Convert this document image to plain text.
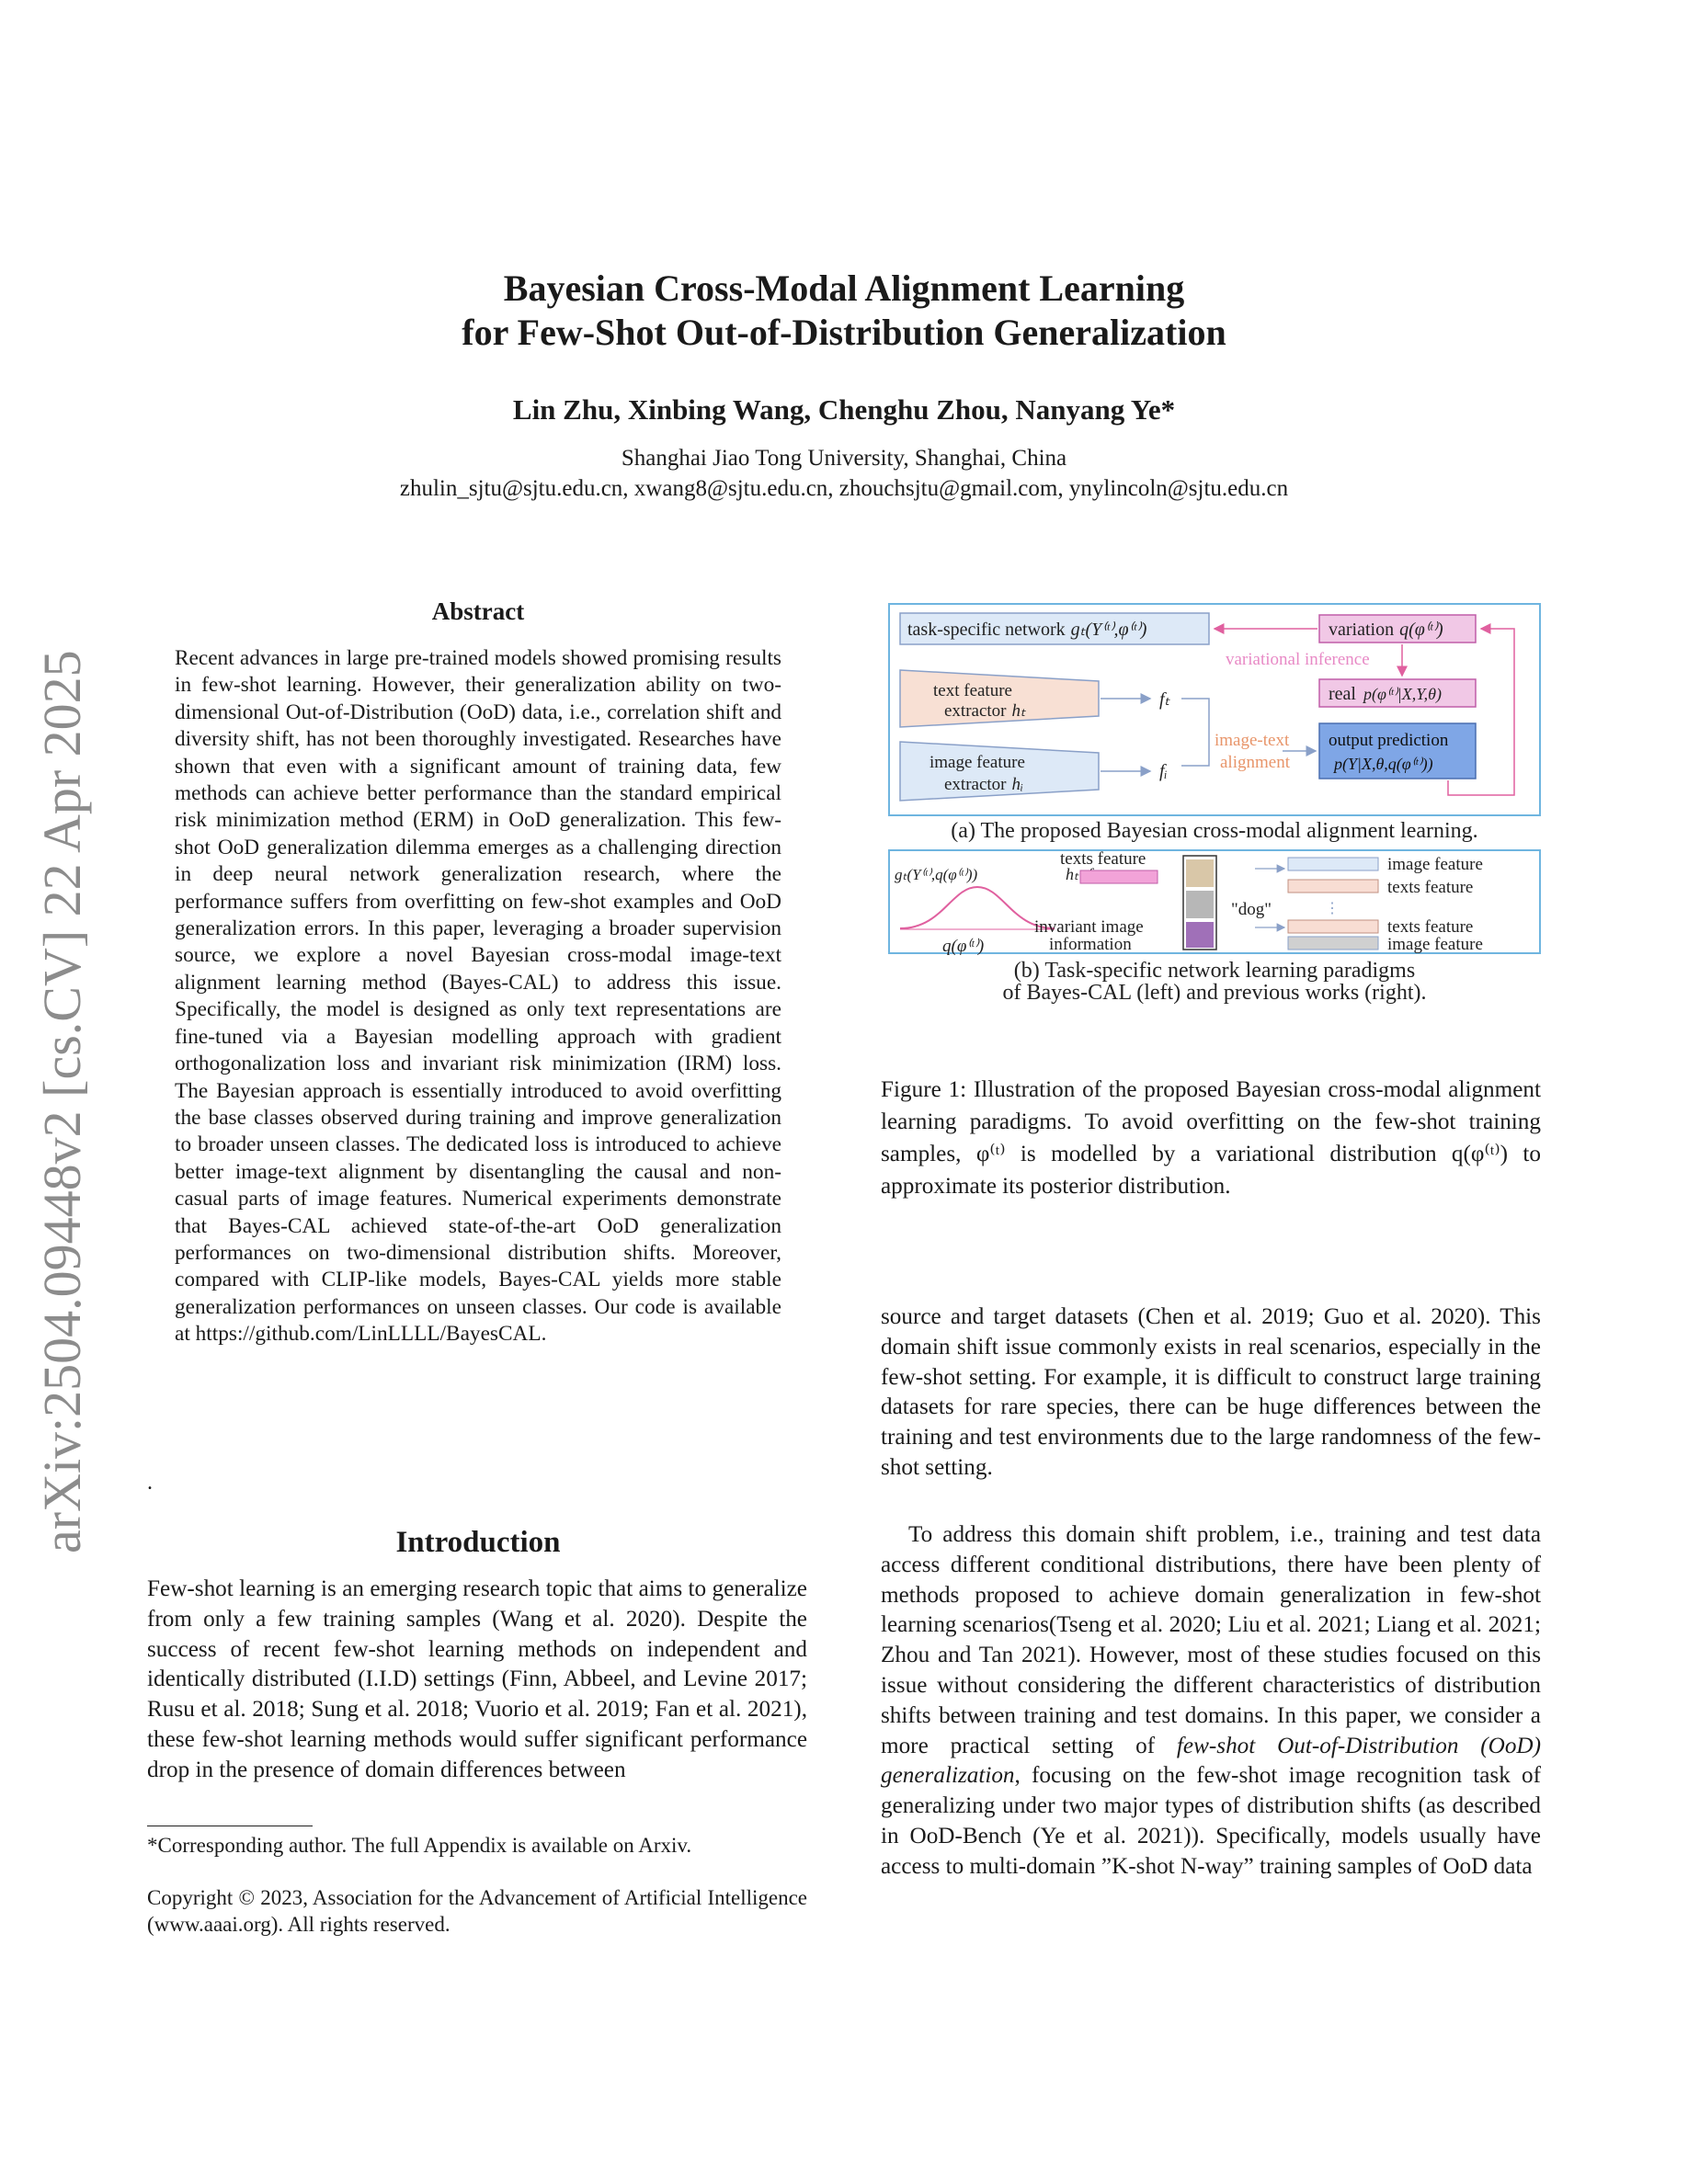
arXiv:2504.09448v2 [cs.CV] 22 Apr 2025
Bayesian Cross-Modal Alignment Learning
for Few-Shot Out-of-Distribution Generalization
Lin Zhu, Xinbing Wang, Chenghu Zhou, Nanyang Ye*
Shanghai Jiao Tong University, Shanghai, China
zhulin_sjtu@sjtu.edu.cn, xwang8@sjtu.edu.cn, zhouchsjtu@gmail.com, ynylincoln@sjtu.edu.cn
Abstract
Recent advances in large pre-trained models showed promising results in few-shot learning. However, their generalization ability on two-dimensional Out-of-Distribution (OoD) data, i.e., correlation shift and diversity shift, has not been thoroughly investigated. Researches have shown that even with a significant amount of training data, few methods can achieve better performance than the standard empirical risk minimization method (ERM) in OoD generalization. This few-shot OoD generalization dilemma emerges as a challenging direction in deep neural network generalization research, where the performance suffers from overfitting on few-shot examples and OoD generalization errors. In this paper, leveraging a broader supervision source, we explore a novel Bayesian cross-modal image-text alignment learning method (Bayes-CAL) to address this issue. Specifically, the model is designed as only text representations are fine-tuned via a Bayesian modelling approach with gradient orthogonalization loss and invariant risk minimization (IRM) loss. The Bayesian approach is essentially introduced to avoid overfitting the base classes observed during training and improve generalization to broader unseen classes. The dedicated loss is introduced to achieve better image-text alignment by disentangling the causal and non-casual parts of image features. Numerical experiments demonstrate that Bayes-CAL achieved state-of-the-art OoD generalization performances on two-dimensional distribution shifts. Moreover, compared with CLIP-like models, Bayes-CAL yields more stable generalization performances on unseen classes. Our code is available at https://github.com/LinLLLL/BayesCAL.
.
Introduction
Few-shot learning is an emerging research topic that aims to generalize from only a few training samples (Wang et al. 2020). Despite the success of recent few-shot learning methods on independent and identically distributed (I.I.D) settings (Finn, Abbeel, and Levine 2017; Rusu et al. 2018; Sung et al. 2018; Vuorio et al. 2019; Fan et al. 2021), these few-shot learning methods would suffer significant performance drop in the presence of domain differences between
*Corresponding author. The full Appendix is available on Arxiv.
Copyright © 2023, Association for the Advancement of Artificial Intelligence (www.aaai.org). All rights reserved.
task-specific network gₜ(Y⁽ᵗ⁾,φ⁽ᵗ⁾)	variation q(φ⁽ᵗ⁾)
variational inference
text feature
extractor hₜ
fₜ	real p(φ⁽ᵗ⁾|X,Y,θ)
image-text
alignment
output prediction
p(Y|X,θ,q(φ⁽ᵗ⁾))
image feature
extractor hᵢ
fᵢ
(a) The proposed Bayesian cross-modal alignment learning.
gₜ(Y⁽ᵗ⁾,q(φ⁽ᵗ⁾))	hₜ
texts feature
q(φ⁽ᵗ⁾)
invariant image
information
"dog"
image feature
texts feature
⋮
texts feature
image feature
(b) Task-specific network learning paradigms
of Bayes-CAL (left) and previous works (right).
Figure 1: Illustration of the proposed Bayesian cross-modal alignment learning paradigms. To avoid overfitting on the few-shot training samples, φ⁽ᵗ⁾ is modelled by a variational distribution q(φ⁽ᵗ⁾) to approximate its posterior distribution.
source and target datasets (Chen et al. 2019; Guo et al. 2020). This domain shift issue commonly exists in real scenarios, especially in the few-shot setting. For example, it is difficult to construct large training datasets for rare species, there can be huge differences between the training and test environments due to the large randomness of the few-shot setting.
To address this domain shift problem, i.e., training and test data access different conditional distributions, there have been plenty of methods proposed to achieve domain generalization in few-shot learning scenarios(Tseng et al. 2020; Liu et al. 2021; Liang et al. 2021; Zhou and Tan 2021). However, most of these studies focused on this issue without considering the different characteristics of distribution shifts between training and test domains. In this paper, we consider a more practical setting of few-shot Out-of-Distribution (OoD) generalization, focusing on the few-shot image recognition task of generalizing under two major types of distribution shifts (as described in OoD-Bench (Ye et al. 2021)). Specifically, models usually have access to multi-domain ”K-shot N-way” training samples of OoD data
